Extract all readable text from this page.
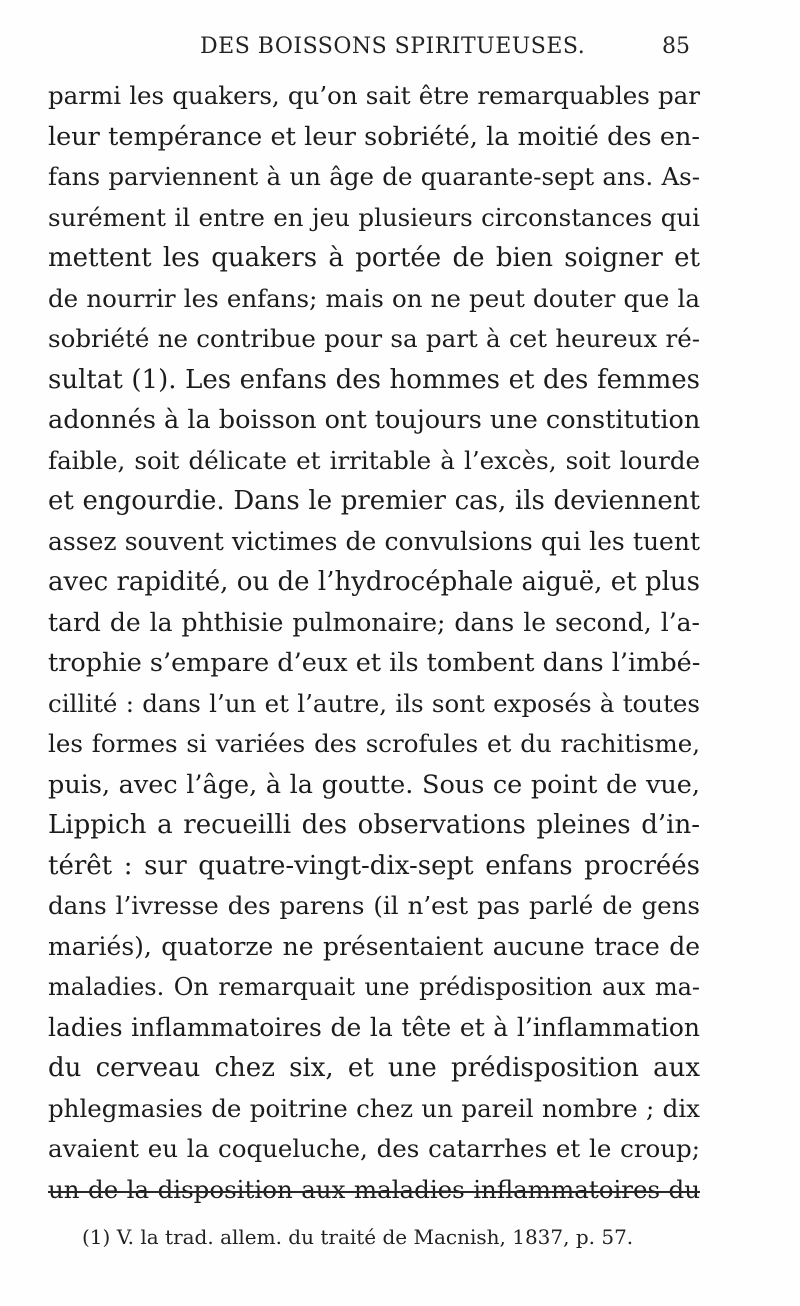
DES BOISSONS SPIRITUEUSES.	85
parmi les quakers, qu’on sait être remarquables par
leur tempérance et leur sobriété, la moitié des en-
fans parviennent à un âge de quarante-sept ans. As-
surément il entre en jeu plusieurs circonstances qui
mettent les quakers à portée de bien soigner et
de nourrir les enfans; mais on ne peut douter que la
sobriété ne contribue pour sa part à cet heureux ré-
sultat (1). Les enfans des hommes et des femmes
adonnés à la boisson ont toujours une constitution
faible, soit délicate et irritable à l’excès, soit lourde
et engourdie. Dans le premier cas, ils deviennent
assez souvent victimes de convulsions qui les tuent
avec rapidité, ou de l’hydrocéphale aiguë, et plus
tard de la phthisie pulmonaire; dans le second, l’a-
trophie s’empare d’eux et ils tombent dans l’imbé-
cillité : dans l’un et l’autre, ils sont exposés à toutes
les formes si variées des scrofules et du rachitisme,
puis, avec l’âge, à la goutte. Sous ce point de vue,
Lippich a recueilli des observations pleines d’in-
térêt : sur quatre-vingt-dix-sept enfans procréés
dans l’ivresse des parens (il n’est pas parlé de gens
mariés), quatorze ne présentaient aucune trace de
maladies. On remarquait une prédisposition aux ma-
ladies inflammatoires de la tête et à l’inflammation
du cerveau chez six, et une prédisposition aux
phlegmasies de poitrine chez un pareil nombre ; dix
avaient eu la coqueluche, des catarrhes et le croup;
un de la disposition aux maladies inflammatoires du
(1) V. la trad. allem. du traité de Macnish, 1837, p. 57.
